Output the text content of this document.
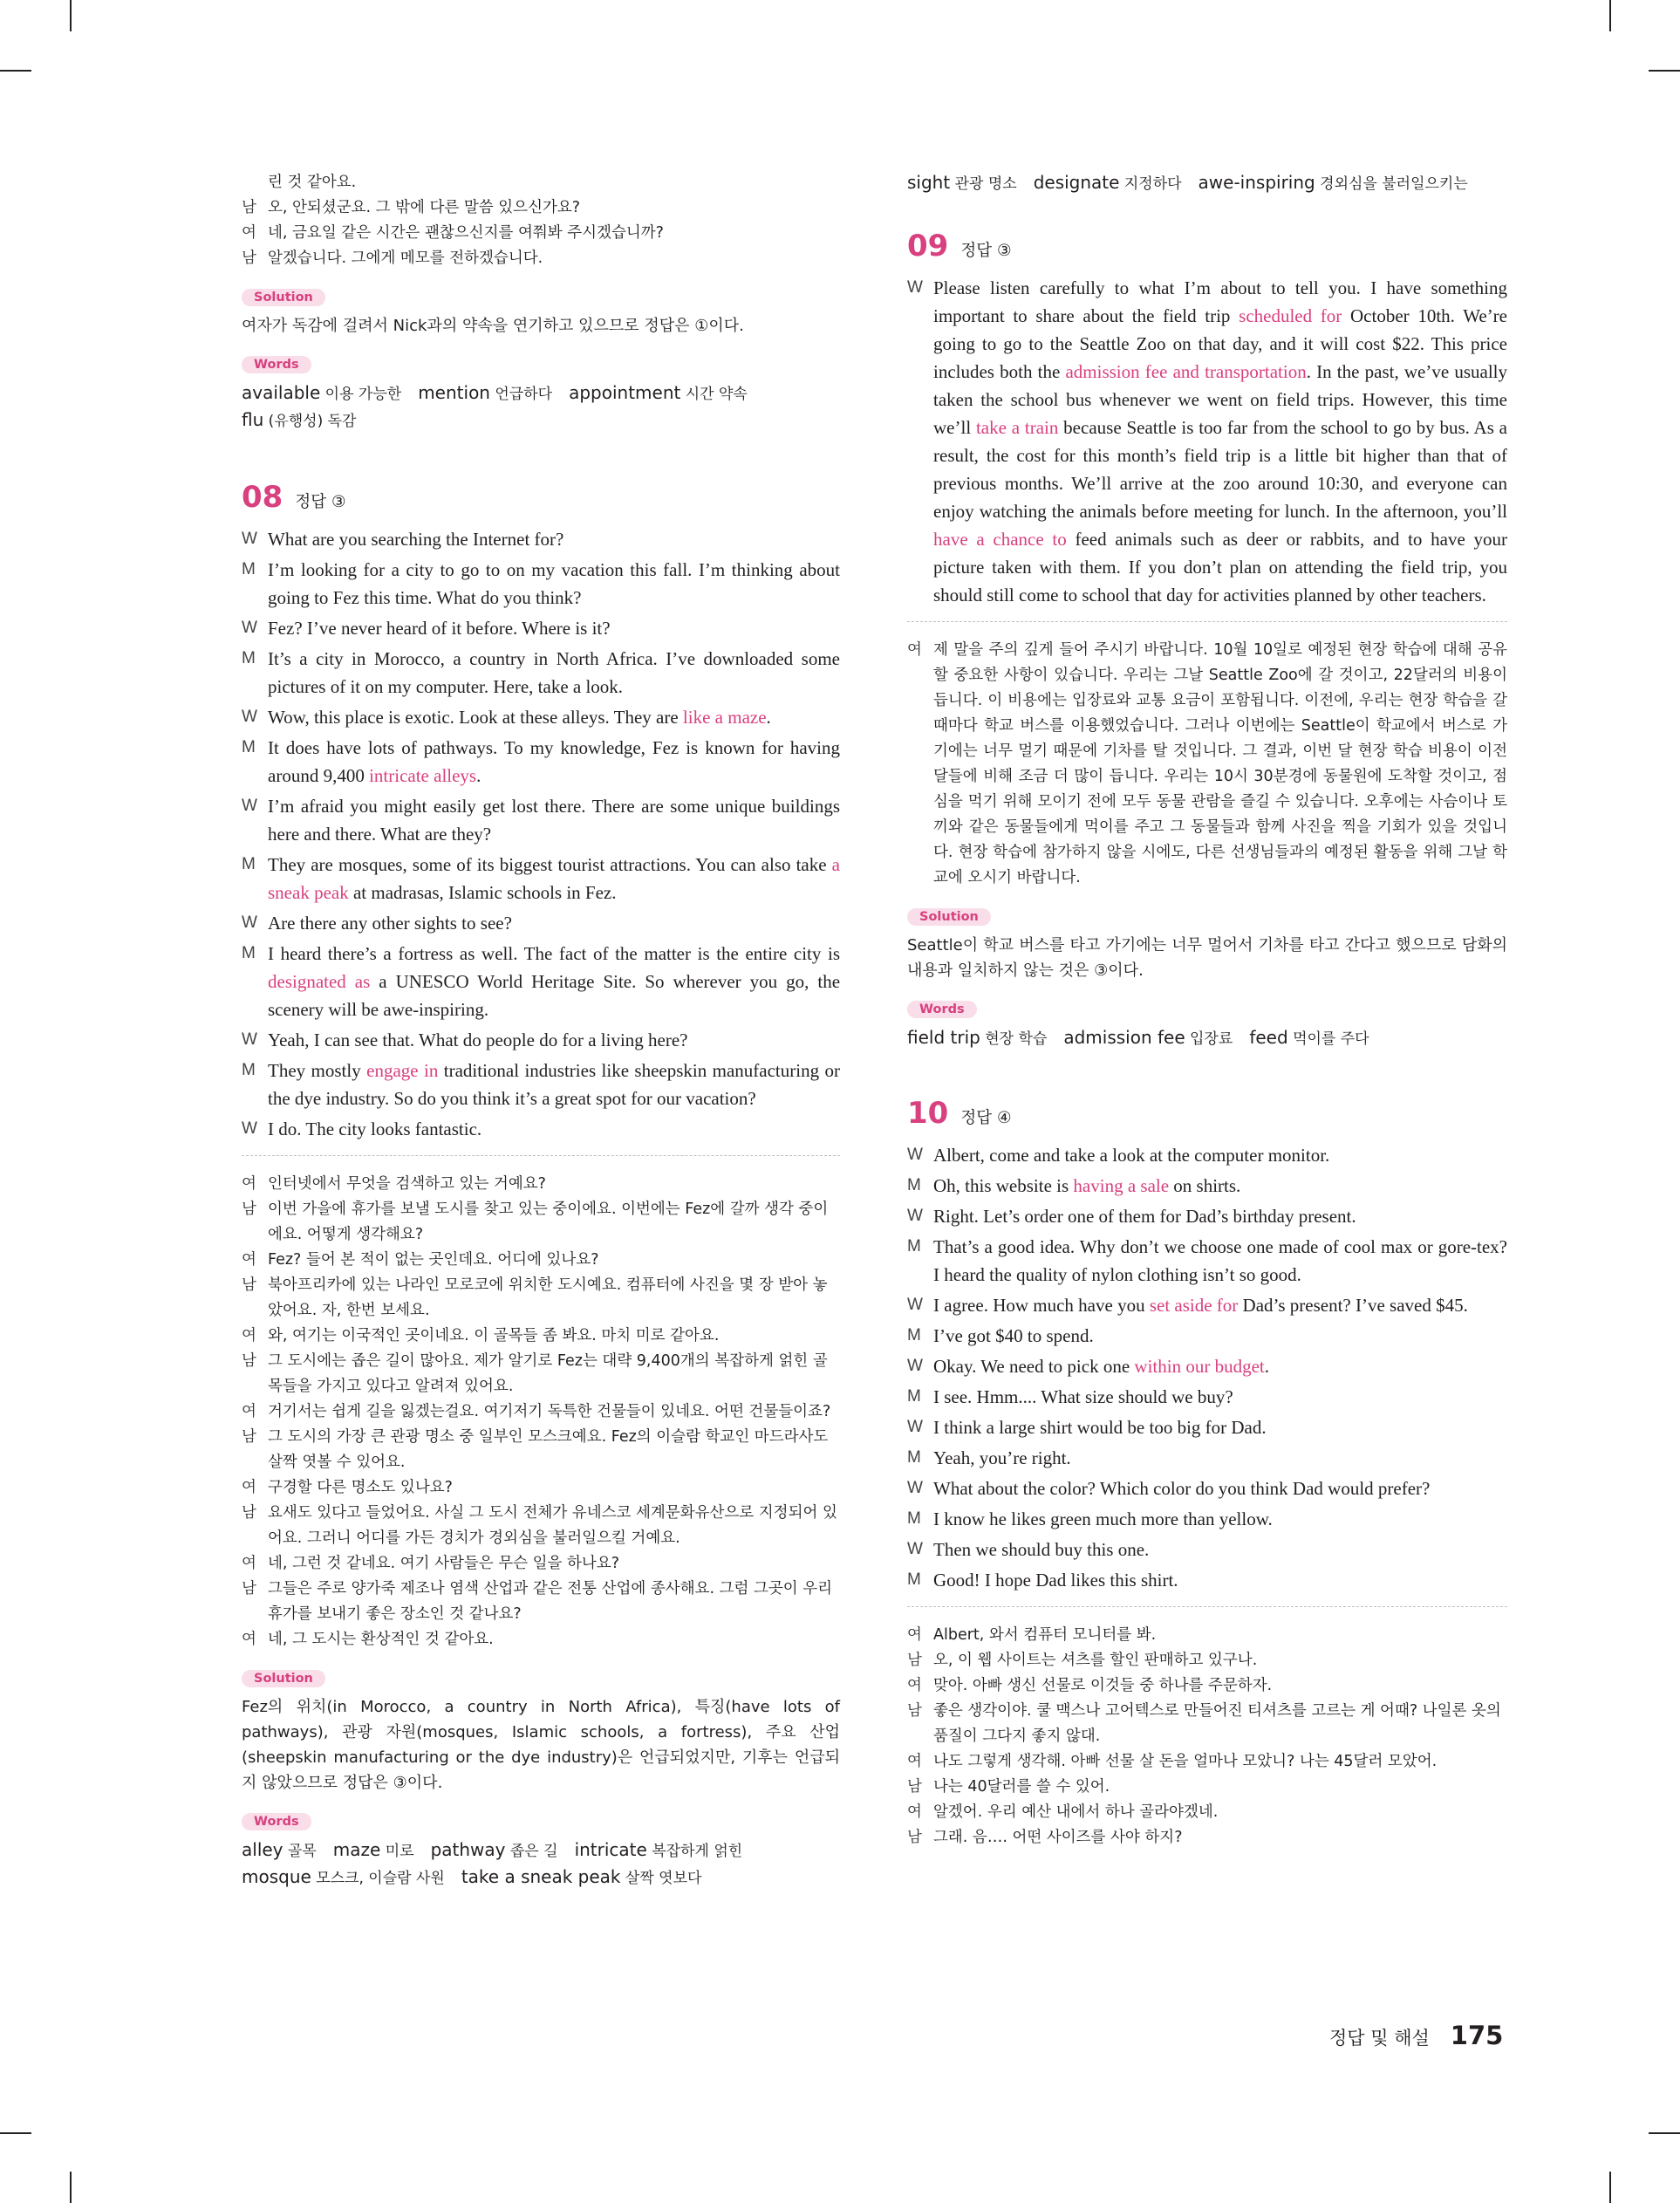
린 것 같아요.
남 오, 안되셨군요. 그 밖에 다른 말씀 있으신가요?
여 네, 금요일 같은 시간은 괜찮으신지를 여쭤봐 주시겠습니까?
남 알겠습니다. 그에게 메모를 전하겠습니다.
Solution
여자가 독감에 걸려서 Nick과의 약속을 연기하고 있으므로 정답은 ①이다.
Words
available 이용 가능한  mention 언급하다  appointment 시간 약속
flu (유행성) 독감
08 정답 ③
W What are you searching the Internet for?
M I’m looking for a city to go to on my vacation this fall. I’m thinking about going to Fez this time. What do you think?
W Fez? I’ve never heard of it before. Where is it?
M It’s a city in Morocco, a country in North Africa. I’ve downloaded some pictures of it on my computer. Here, take a look.
W Wow, this place is exotic. Look at these alleys. They are like a maze.
M It does have lots of pathways. To my knowledge, Fez is known for having around 9,400 intricate alleys.
W I’m afraid you might easily get lost there. There are some unique buildings here and there. What are they?
M They are mosques, some of its biggest tourist attractions. You can also take a sneak peak at madrasas, Islamic schools in Fez.
W Are there any other sights to see?
M I heard there’s a fortress as well. The fact of the matter is the entire city is designated as a UNESCO World Heritage Site. So wherever you go, the scenery will be awe-inspiring.
W Yeah, I can see that. What do people do for a living here?
M They mostly engage in traditional industries like sheepskin manufacturing or the dye industry. So do you think it’s a great spot for our vacation?
W I do. The city looks fantastic.
여 인터넷에서 무엇을 검색하고 있는 거예요?
남 이번 가을에 휴가를 보낼 도시를 찾고 있는 중이에요. 이번에는 Fez에 갈까 생각 중이에요. 어떻게 생각해요?
여 Fez? 들어 본 적이 없는 곳인데요. 어디에 있나요?
남 북아프리카에 있는 나라인 모로코에 위치한 도시예요. 컴퓨터에 사진을 몇 장 받아 놓았어요. 자, 한번 보세요.
여 와, 여기는 이국적인 곳이네요. 이 골목들 좀 봐요. 마치 미로 같아요.
남 그 도시에는 좁은 길이 많아요. 제가 알기로 Fez는 대략 9,400개의 복잡하게 얽힌 골목들을 가지고 있다고 알려져 있어요.
여 거기서는 쉽게 길을 잃겠는걸요. 여기저기 독특한 건물들이 있네요. 어떤 건물들이죠?
남 그 도시의 가장 큰 관광 명소 중 일부인 모스크예요. Fez의 이슬람 학교인 마드라사도 살짝 엿볼 수 있어요.
여 구경할 다른 명소도 있나요?
남 요새도 있다고 들었어요. 사실 그 도시 전체가 유네스코 세계문화유산으로 지정되어 있어요. 그러니 어디를 가든 경치가 경외심을 불러일으킬 거예요.
여 네, 그런 것 같네요. 여기 사람들은 무슨 일을 하나요?
남 그들은 주로 양가죽 제조나 염색 산업과 같은 전통 산업에 종사해요. 그럼 그곳이 우리 휴가를 보내기 좋은 장소인 것 같나요?
여 네, 그 도시는 환상적인 것 같아요.
Solution
Fez의 위치(in Morocco, a country in North Africa), 특징(have lots of pathways), 관광 자원(mosques, Islamic schools, a fortress), 주요 산업(sheepskin manufacturing or the dye industry)은 언급되었지만, 기후는 언급되지 않았으므로 정답은 ③이다.
Words
alley 골목  maze 미로  pathway 좁은 길  intricate 복잡하게 얽힌
mosque 모스크, 이슬람 사원  take a sneak peak 살짝 엿보다
sight 관광 명소  designate 지정하다  awe-inspiring 경외심을 불러일으키는
09 정답 ③
W Please listen carefully to what I’m about to tell you. I have something important to share about the field trip scheduled for October 10th. We’re going to go to the Seattle Zoo on that day, and it will cost $22. This price includes both the admission fee and transportation. In the past, we’ve usually taken the school bus whenever we went on field trips. However, this time we’ll take a train because Seattle is too far from the school to go by bus. As a result, the cost for this month’s field trip is a little bit higher than that of previous months. We’ll arrive at the zoo around 10:30, and everyone can enjoy watching the animals before meeting for lunch. In the afternoon, you’ll have a chance to feed animals such as deer or rabbits, and to have your picture taken with them. If you don’t plan on attending the field trip, you should still come to school that day for activities planned by other teachers.
여 제 말을 주의 깊게 들어 주시기 바랍니다. 10월 10일로 예정된 현장 학습에 대해 공유할 중요한 사항이 있습니다. 우리는 그날 Seattle Zoo에 갈 것이고, 22달러의 비용이 듭니다. 이 비용에는 입장료와 교통 요금이 포함됩니다. 이전에, 우리는 현장 학습을 갈 때마다 학교 버스를 이용했었습니다. 그러나 이번에는 Seattle이 학교에서 버스로 가기에는 너무 멀기 때문에 기차를 탈 것입니다. 그 결과, 이번 달 현장 학습 비용이 이전 달들에 비해 조금 더 많이 듭니다. 우리는 10시 30분경에 동물원에 도착할 것이고, 점심을 먹기 위해 모이기 전에 모두 동물 관람을 즐길 수 있습니다. 오후에는 사슴이나 토끼와 같은 동물들에게 먹이를 주고 그 동물들과 함께 사진을 찍을 기회가 있을 것입니다. 현장 학습에 참가하지 않을 시에도, 다른 선생님들과의 예정된 활동을 위해 그날 학교에 오시기 바랍니다.
Solution
Seattle이 학교 버스를 타고 가기에는 너무 멀어서 기차를 타고 간다고 했으므로 담화의 내용과 일치하지 않는 것은 ③이다.
Words
field trip 현장 학습  admission fee 입장료  feed 먹이를 주다
10 정답 ④
W Albert, come and take a look at the computer monitor.
M Oh, this website is having a sale on shirts.
W Right. Let’s order one of them for Dad’s birthday present.
M That’s a good idea. Why don’t we choose one made of cool max or gore-tex? I heard the quality of nylon clothing isn’t so good.
W I agree. How much have you set aside for Dad’s present? I’ve saved $45.
M I’ve got $40 to spend.
W Okay. We need to pick one within our budget.
M I see. Hmm.... What size should we buy?
W I think a large shirt would be too big for Dad.
M Yeah, you’re right.
W What about the color? Which color do you think Dad would prefer?
M I know he likes green much more than yellow.
W Then we should buy this one.
M Good! I hope Dad likes this shirt.
여 Albert, 와서 컴퓨터 모니터를 봐.
남 오, 이 웹 사이트는 셔츠를 할인 판매하고 있구나.
여 맞아. 아빠 생신 선물로 이것들 중 하나를 주문하자.
남 좋은 생각이야. 쿨 맥스나 고어텍스로 만들어진 티셔츠를 고르는 게 어때? 나일론 옷의 품질이 그다지 좋지 않대.
여 나도 그렇게 생각해. 아빠 선물 살 돈을 얼마나 모았니? 나는 45달러 모았어.
남 나는 40달러를 쓸 수 있어.
여 알겠어. 우리 예산 내에서 하나 골라야겠네.
남 그래. 음…. 어떤 사이즈를 사야 하지?
정답 및 해설 175
